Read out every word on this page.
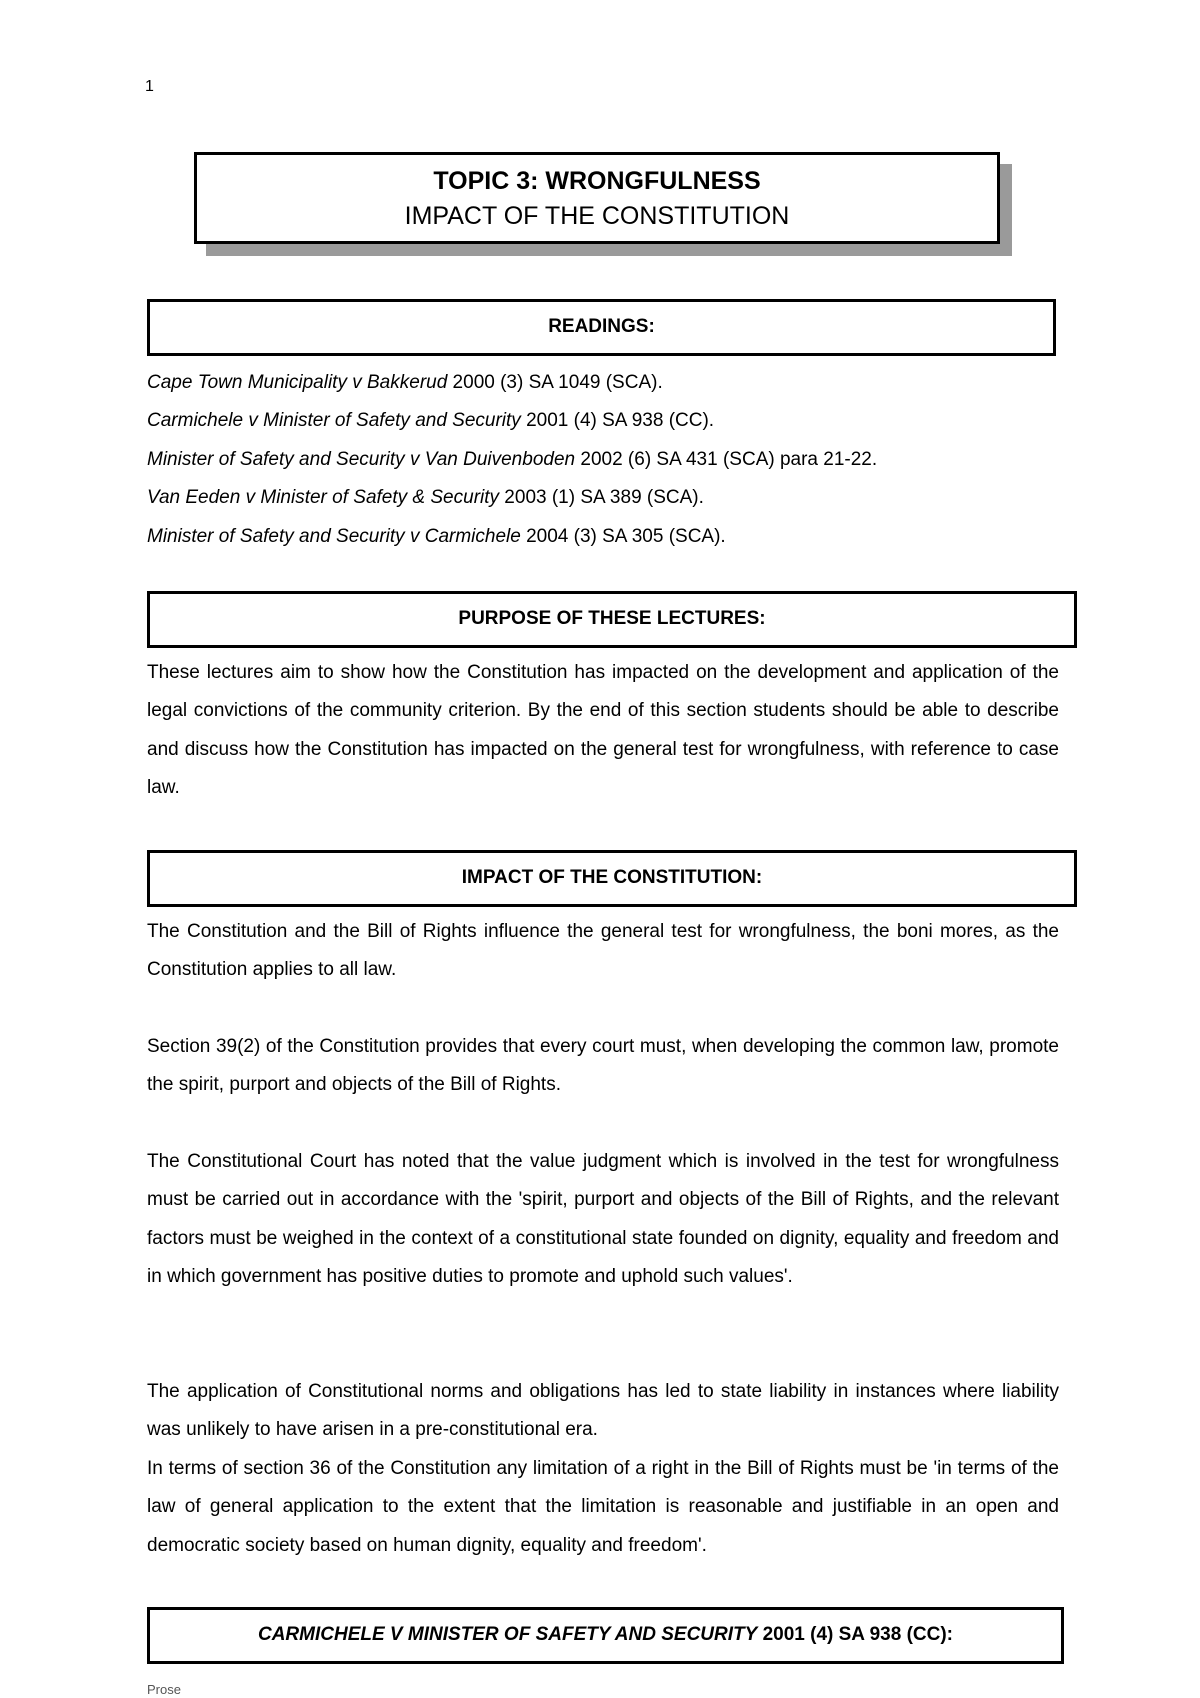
1
TOPIC 3: WRONGFULNESS
IMPACT OF THE CONSTITUTION
READINGS:
Cape Town Municipality v Bakkerud 2000 (3) SA 1049 (SCA).
Carmichele v Minister of Safety and Security 2001 (4) SA 938 (CC).
Minister of Safety and Security v Van Duivenboden 2002 (6) SA 431 (SCA) para 21-22.
Van Eeden v Minister of Safety & Security 2003 (1) SA 389 (SCA).
Minister of Safety and Security v Carmichele 2004 (3) SA 305 (SCA).
PURPOSE OF THESE LECTURES:
These lectures aim to show how the Constitution has impacted on the development and application of the legal convictions of the community criterion. By the end of this section students should be able to describe and discuss how the Constitution has impacted on the general test for wrongfulness, with reference to case law.
IMPACT OF THE CONSTITUTION:
The Constitution and the Bill of Rights influence the general test for wrongfulness, the boni mores, as the Constitution applies to all law.
Section 39(2) of the Constitution provides that every court must, when developing the common law, promote the spirit, purport and objects of the Bill of Rights.
The Constitutional Court has noted that the value judgment which is involved in the test for wrongfulness must be carried out in accordance with the 'spirit, purport and objects of the Bill of Rights, and the relevant factors must be weighed in the context of a constitutional state founded on dignity, equality and freedom and in which government has positive duties to promote and uphold such values'.
The application of Constitutional norms and obligations has led to state liability in instances where liability was unlikely to have arisen in a pre-constitutional era.
In terms of section 36 of the Constitution any limitation of a right in the Bill of Rights must be 'in terms of the law of general application to the extent that the limitation is reasonable and justifiable in an open and democratic society based on human dignity, equality and freedom'.
CARMICHELE V MINISTER OF SAFETY AND SECURITY 2001 (4) SA 938 (CC):
Prose
